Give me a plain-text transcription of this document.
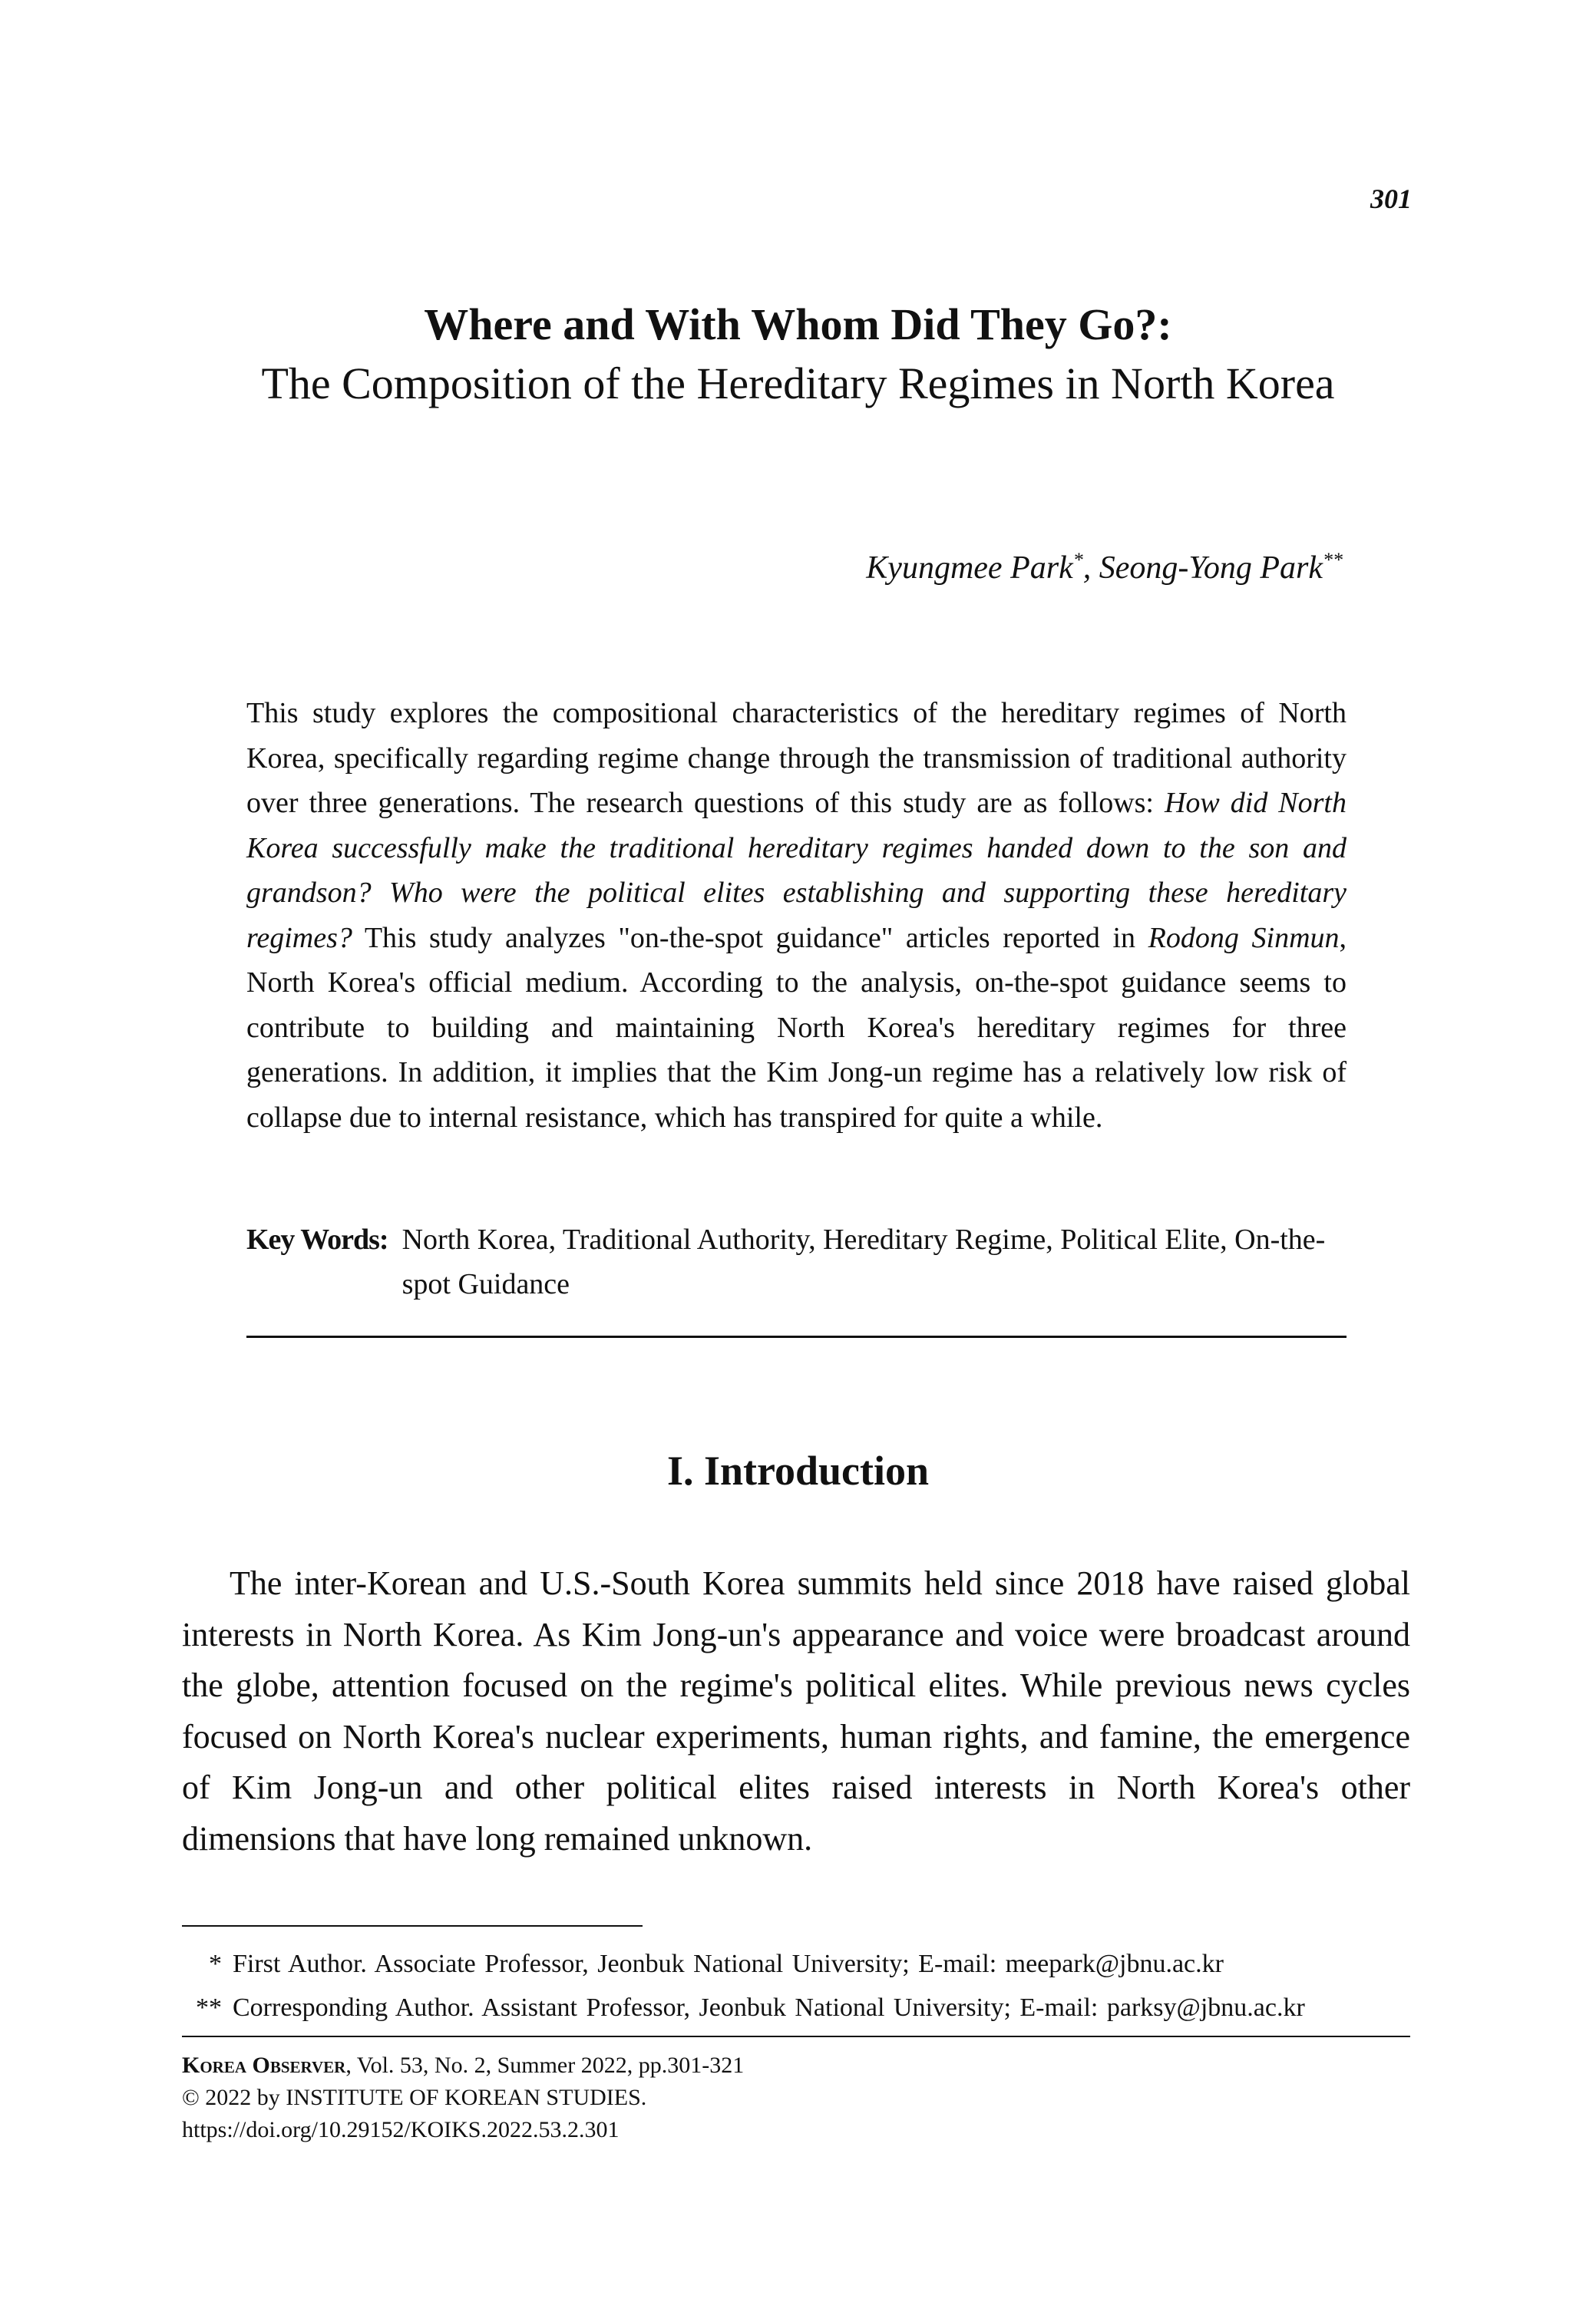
301
Where and With Whom Did They Go?:
The Composition of the Hereditary Regimes in North Korea
Kyungmee Park*, Seong-Yong Park**

This study explores the compositional characteristics of the hereditary regimes of North Korea, specifically regarding regime change through the transmission of traditional authority over three generations. The research questions of this study are as follows: How did North Korea successfully make the traditional hereditary regimes handed down to the son and grandson? Who were the political elites establishing and supporting these hereditary regimes? This study analyzes "on-the-spot guidance" articles reported in Rodong Sinmun, North Korea's official medium. According to the analysis, on-the-spot guidance seems to contribute to building and maintaining North Korea's hereditary regimes for three generations. In addition, it implies that the Kim Jong-un regime has a relatively low risk of collapse due to internal resistance, which has transpired for quite a while.

Key Words: North Korea, Traditional Authority, Hereditary Regime, Political Elite, On-the-spot Guidance
I. Introduction

The inter-Korean and U.S.-South Korea summits held since 2018 have raised global interests in North Korea. As Kim Jong-un's appearance and voice were broadcast around the globe, attention focused on the regime's political elites. While previous news cycles focused on North Korea's nuclear experiments, human rights, and famine, the emergence of Kim Jong-un and other political elites raised interests in North Korea's other dimensions that have long remained unknown.

* First Author. Associate Professor, Jeonbuk National University; E-mail: meepark@jbnu.ac.kr
** Corresponding Author. Assistant Professor, Jeonbuk National University; E-mail: parksy@jbnu.ac.kr
Korea Observer, Vol. 53, No. 2, Summer 2022, pp.301-321
© 2022 by INSTITUTE OF KOREAN STUDIES.
https://doi.org/10.29152/KOIKS.2022.53.2.301
